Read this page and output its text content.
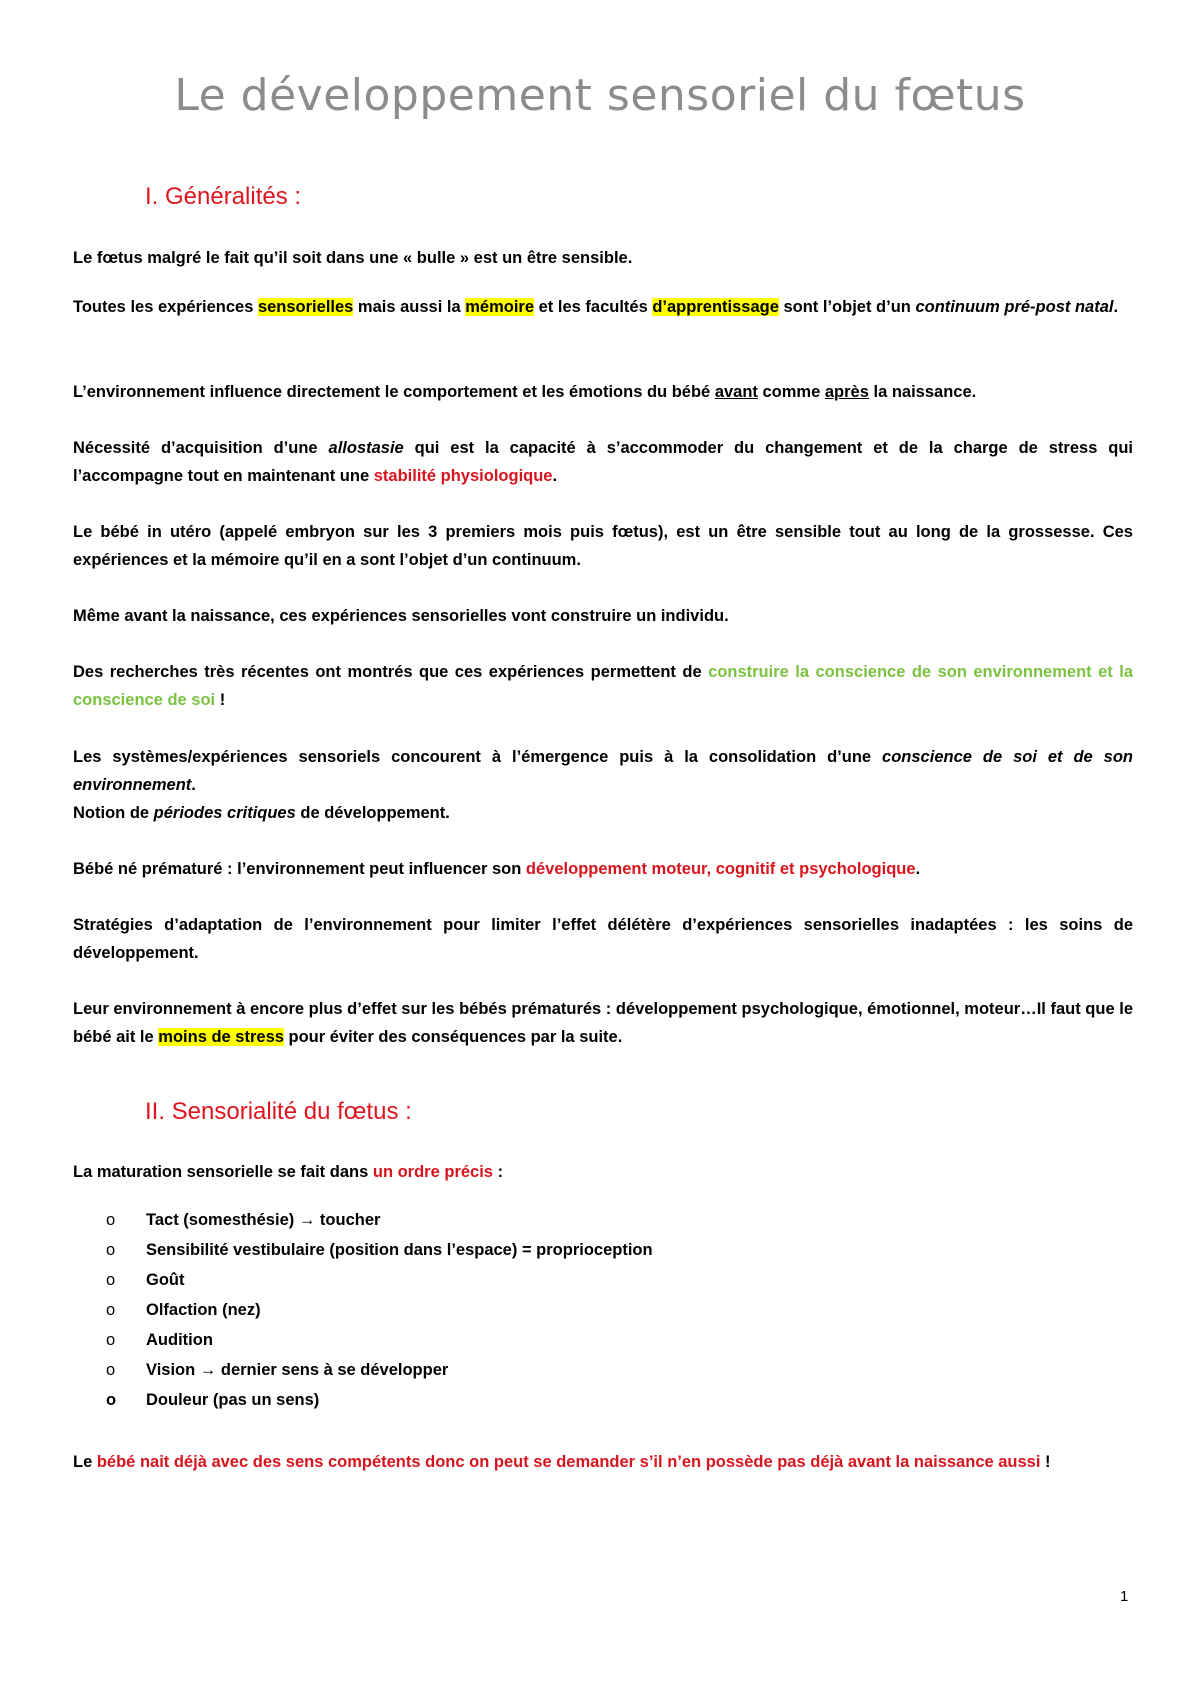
Le développement sensoriel du fœtus
I. Généralités :

Le fœtus malgré le fait qu’il soit dans une « bulle » est un être sensible.

Toutes les expériences sensorielles mais aussi la mémoire et les facultés d’apprentissage sont l’objet d’un continuum pré-post natal.

L’environnement influence directement le comportement et les émotions du bébé avant comme après la naissance.

Nécessité d’acquisition d’une allostasie qui est la capacité à s’accommoder du changement et de la charge de stress qui l’accompagne tout en maintenant une stabilité physiologique.

Le bébé in utéro (appelé embryon sur les 3 premiers mois puis fœtus), est un être sensible tout au long de la grossesse. Ces expériences et la mémoire qu’il en a sont l’objet d’un continuum.

Même avant la naissance, ces expériences sensorielles vont construire un individu.

Des recherches très récentes ont montrés que ces expériences permettent de construire la conscience de son environnement et la conscience de soi !

Les systèmes/expériences sensoriels concourent à l’émergence puis à la consolidation d’une conscience de soi et de son environnement.
Notion de périodes critiques de développement.

Bébé né prématuré : l’environnement peut influencer son développement moteur, cognitif et psychologique.

Stratégies d’adaptation de l’environnement pour limiter l’effet délétère d’expériences sensorielles inadaptées : les soins de développement.

Leur environnement à encore plus d’effet sur les bébés prématurés : développement psychologique, émotionnel, moteur…Il faut que le bébé ait le moins de stress pour éviter des conséquences par la suite.

II. Sensorialité du fœtus :

La maturation sensorielle se fait dans un ordre précis :

o Tact (somesthésie) → toucher
o Sensibilité vestibulaire (position dans l’espace) = proprioception
o Goût
o Olfaction (nez)
o Audition
o Vision → dernier sens à se développer
o Douleur (pas un sens)

Le bébé nait déjà avec des sens compétents donc on peut se demander s’il n’en possède pas déjà avant la naissance aussi !

1
